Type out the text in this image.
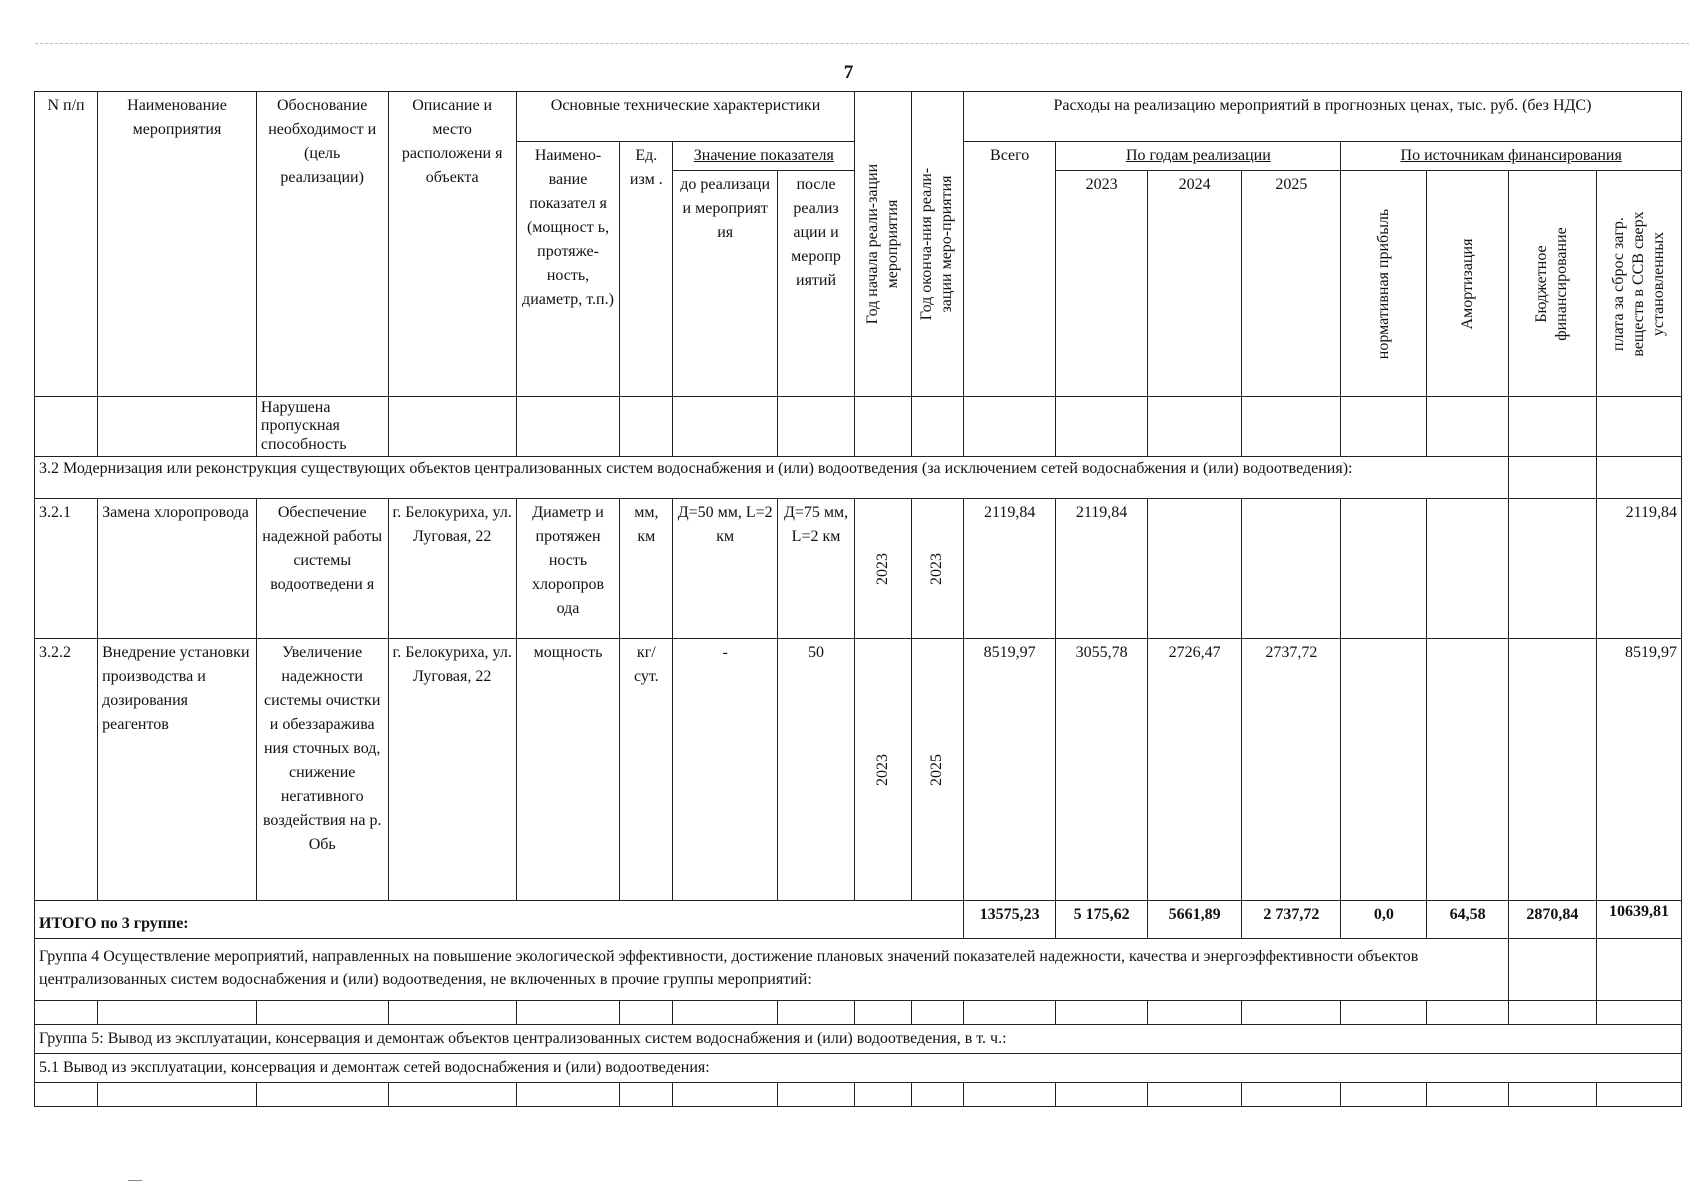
7
N п/п	Наименование мероприятия	Обоснование необходимост и (цель реализации)	Описание и место расположени я объекта	Основные технические характеристики				Год начала реали-зации мероприятия	Год оконча-ния реали-зации меро-приятия	Расходы на реализацию мероприятий в прогнозных ценах, тыс. руб. (без НДС)							
				Наимено-вание показател я (мощност ь, протяже-ность, диаметр, т.п.)	Ед. изм .	Значение показателя				Всего	По годам реализации			По источникам финансирования			
						до реализаци и мероприят ия	после реализ ации и меропр иятий				2023	2024	2025	нормативная прибыль	Амортизация	Бюджетное финансирование	плата за сброс загр. веществ в ССВ сверх установленных

		Нарушена пропускная способность															
3.2 Модернизация или реконструкция существующих объектов централизованных систем водоснабжения и (или) водоотведения (за исключением сетей водоснабжения и (или) водоотведения):																	
3.2.1	Замена хлоропровода	Обеспечение надежной работы системы водоотведени я	г. Белокуриха, ул. Луговая, 22	Диаметр и протяжен ность хлоропров ода	мм, км	Д=50 мм, L=2 км	Д=75 мм, L=2 км	2023	2023	2119,84	2119,84						2119,84
3.2.2	Внедрение установки производства и дозирования реагентов	Увеличение надежности системы очистки и обеззаражива ния сточных вод, снижение негативного воздействия на р. Обь	г. Белокуриха, ул. Луговая, 22	мощность	кг/ сут.	-	50	2023	2025	8519,97	3055,78	2726,47	2737,72				8519,97
ИТОГО по 3 группе:										13575,23	5 175,62	5661,89	2 737,72	0,0	64,58	2870,84	10639,81
Группа 4 Осуществление мероприятий, направленных на повышение экологической эффективности, достижение плановых значений показателей надежности, качества и энергоэффективности объектов централизованных систем водоснабжения и (или) водоотведения, не включенных в прочие группы мероприятий:																	

Группа 5: Вывод из эксплуатации, консервация и демонтаж объектов централизованных систем водоснабжения и (или) водоотведения, в т. ч.:																	
5.1 Вывод из эксплуатации, консервация и демонтаж сетей водоснабжения и (или) водоотведения:																	
